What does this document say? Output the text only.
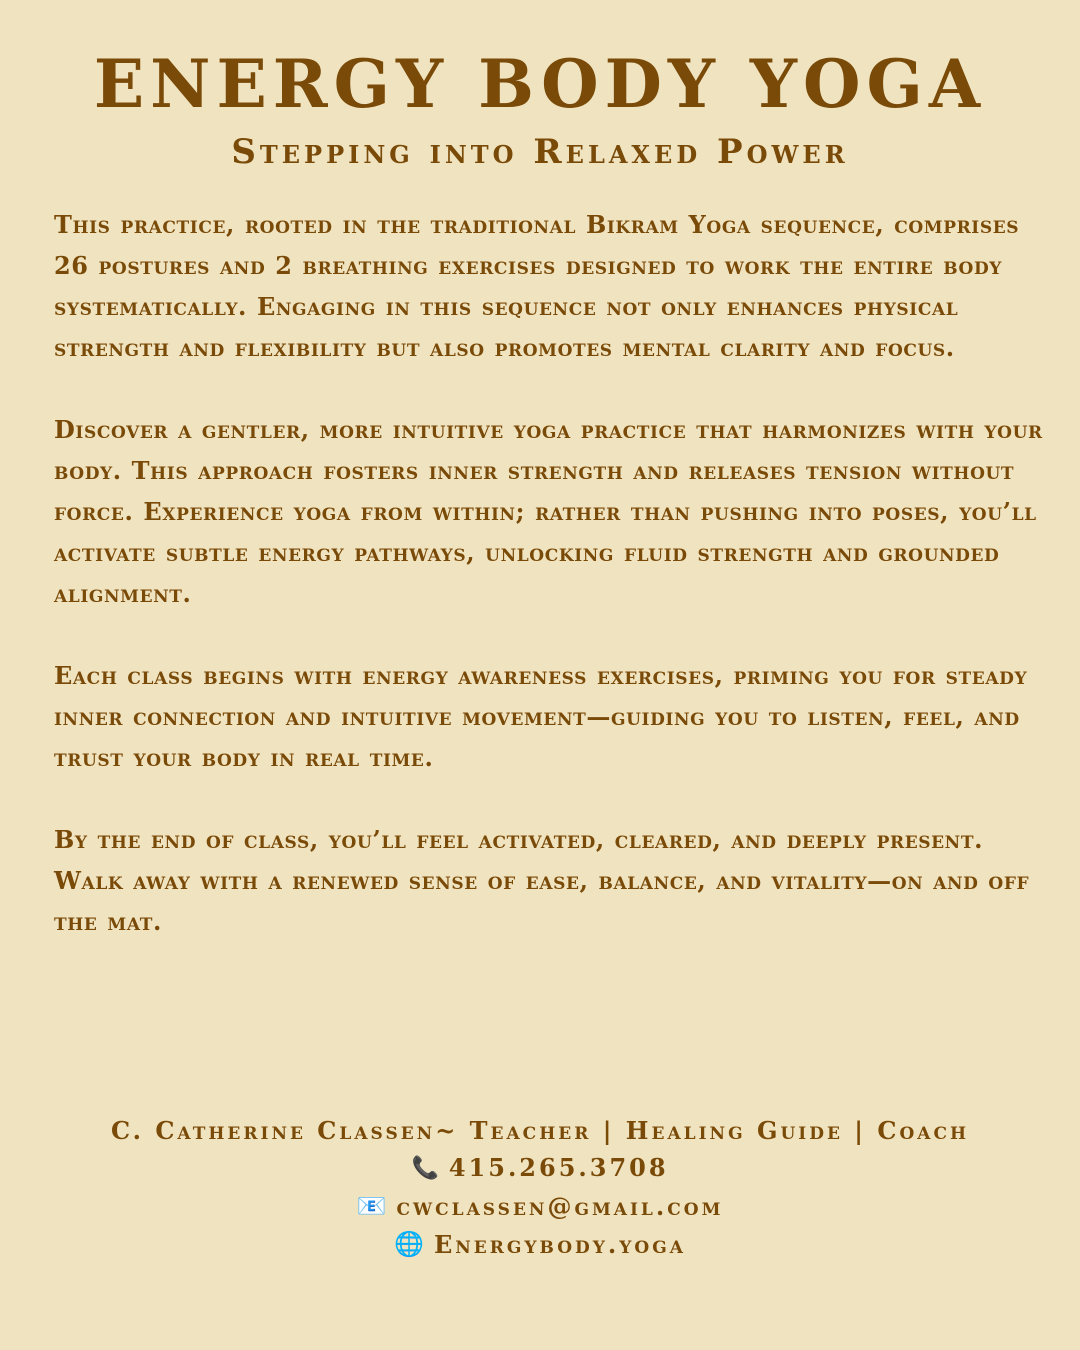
ENERGY BODY YOGA
Stepping into Relaxed Power

This practice, rooted in the traditional Bikram Yoga sequence, comprises 26 postures and 2 breathing exercises designed to work the entire body systematically. Engaging in this sequence not only enhances physical strength and flexibility but also promotes mental clarity and focus.

Discover a gentler, more intuitive yoga practice that harmonizes with your body. This approach fosters inner strength and releases tension without force. Experience yoga from within; rather than pushing into poses, you’ll activate subtle energy pathways, unlocking fluid strength and grounded alignment.

Each class begins with energy awareness exercises, priming you for steady inner connection and intuitive movement—guiding you to listen, feel, and trust your body in real time.

By the end of class, you’ll feel activated, cleared, and deeply present. Walk away with a renewed sense of ease, balance, and vitality—on and off the mat.

C. Catherine Classen~ Teacher | Healing Guide | Coach
📞 415.265.3708
📧 cwclassen@gmail.com
🌐 Energybody.yoga
